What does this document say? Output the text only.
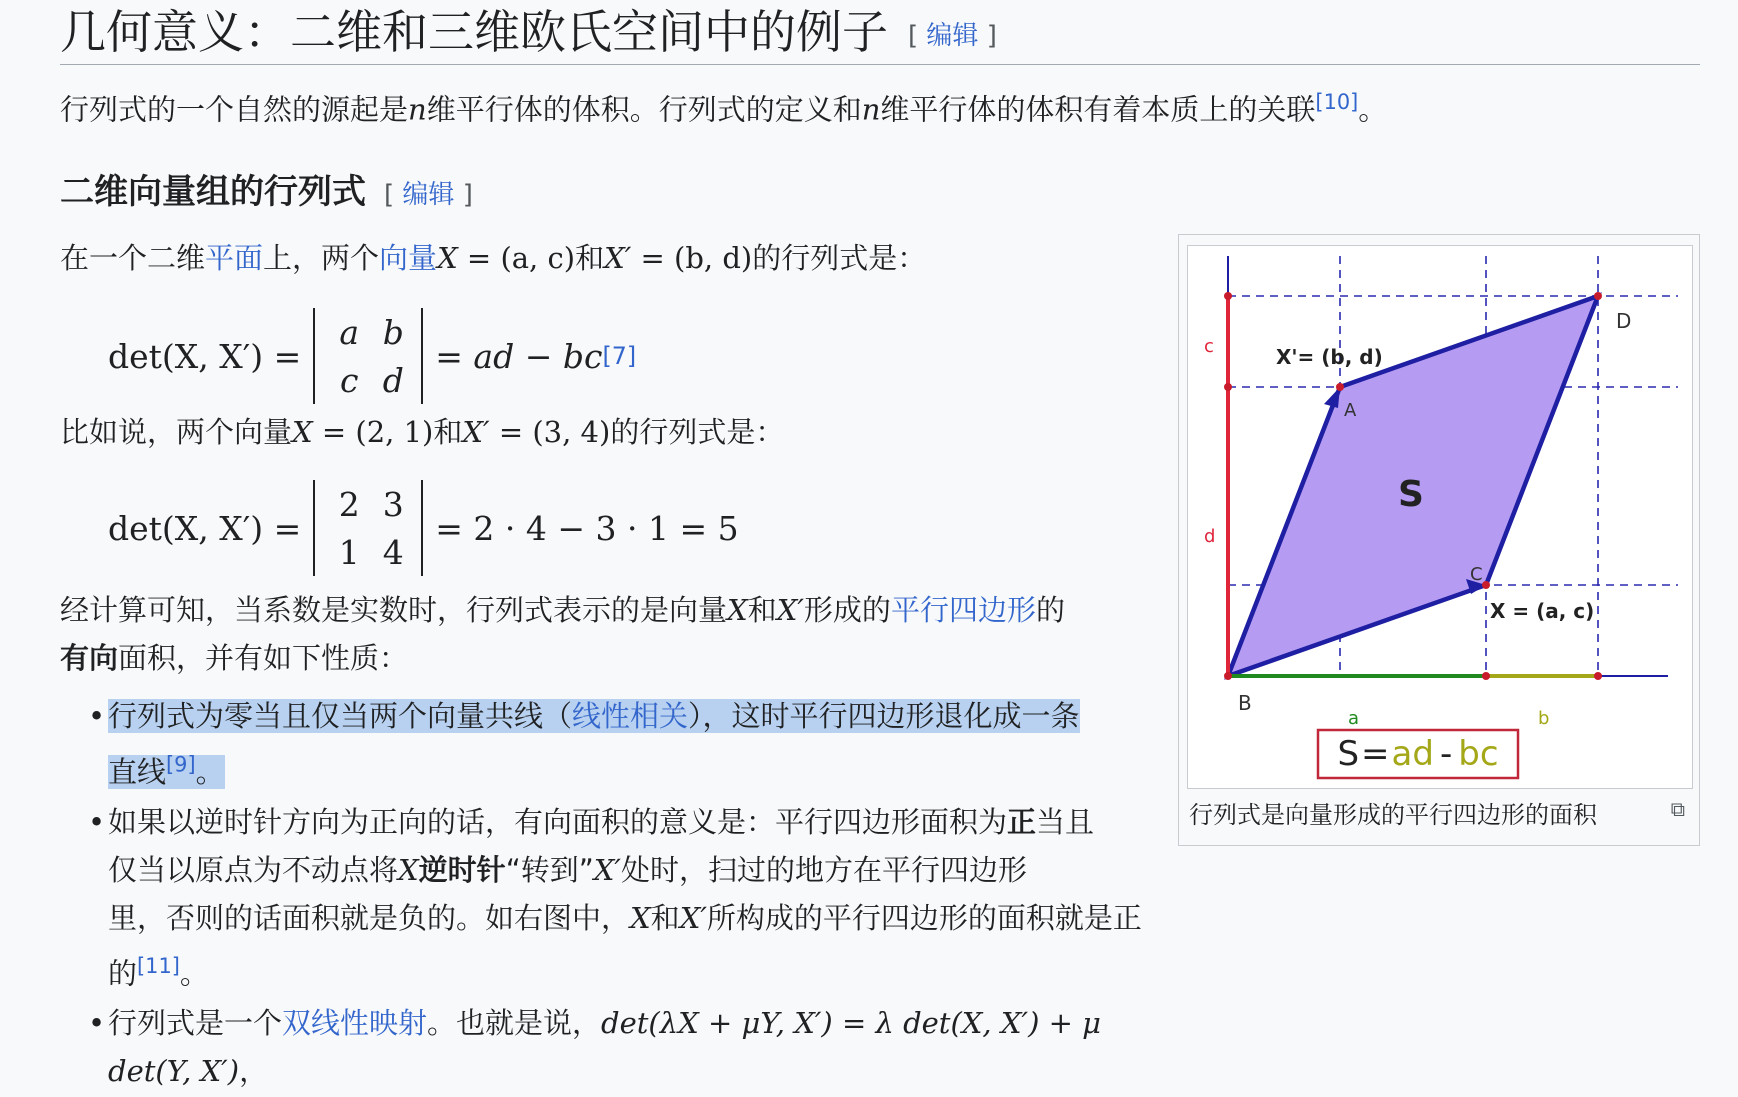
几何意义：二维和三维欧氏空间中的例子 [ 编辑 ]
行列式的一个自然的源起是n维平行体的体积。行列式的定义和n维平行体的体积有着本质上的关联[10]。
二维向量组的行列式 [ 编辑 ]
在一个二维平面上，两个向量X = (a, c)和X′ = (b, d)的行列式是：
det(X, X′) =
a b
c d
= ad − bc [7]
比如说，两个向量X = (2, 1)和X′ = (3, 4)的行列式是：
det(X, X′) =
2 3
1 4
= 2 · 4 − 3 · 1 = 5
经计算可知，当系数是实数时，行列式表示的是向量X和X′形成的平行四边形的
有向面积，并有如下性质：
• 行列式为零当且仅当两个向量共线（线性相关），这时平行四边形退化成一条
直线[9]。
• 如果以逆时针方向为正向的话，有向面积的意义是：平行四边形面积为正当且
仅当以原点为不动点将X逆时针“转到”X′处时，扫过的地方在平行四边形
里，否则的话面积就是负的。如右图中，X和X′所构成的平行四边形的面积就是正的[11]。
• 行列式是一个双线性映射。也就是说，det(λX + μY, X′) = λ det(X, X′) + μ det(Y, X′)，
c
d
a	b
B
A
C
D
S
X'= (b, d)
X = (a, c)
S=ad - bc
行列式是向量形成的平行四边形的面积	⧉
